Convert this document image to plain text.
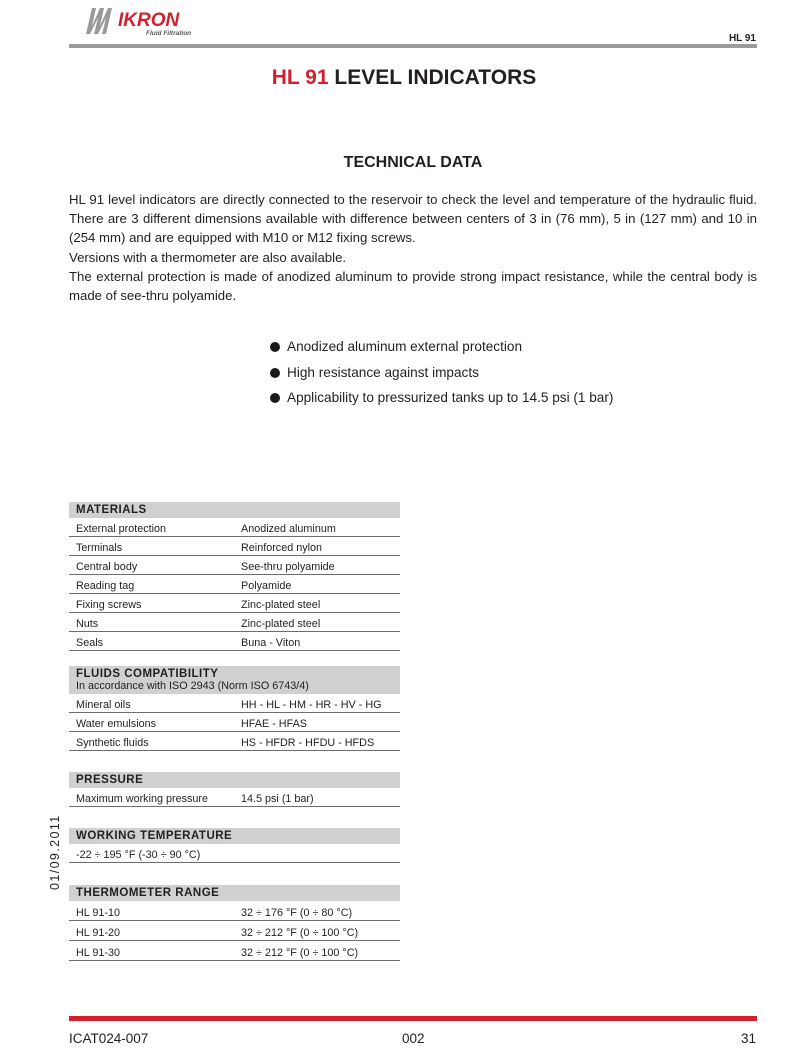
IKRON
Fluid Filtration	HL 91
HL 91 LEVEL INDICATORS
TECHNICAL DATA

HL 91 level indicators are directly connected to the reservoir to check the level and temperature of the hydraulic fluid. There are 3 different dimensions available with difference between centers of 3 in (76 mm), 5 in (127 mm) and 10 in (254 mm) and are equipped with M10 or M12 fixing screws.

Versions with a thermometer are also available.

The external protection is made of anodized aluminum to provide strong impact resistance, while the central body is made of see-thru polyamide.

Anodized aluminum external protection
High resistance against impacts
Applicability to pressurized tanks up to 14.5 psi (1 bar)
MATERIALS
External protection	Anodized aluminum
Terminals	Reinforced nylon
Central body	See-thru polyamide
Reading tag	Polyamide
Fixing screws	Zinc-plated steel
Nuts	Zinc-plated steel
Seals	Buna - Viton
FLUIDS COMPATIBILITY
In accordance with ISO 2943 (Norm ISO 6743/4)
Mineral oils	HH - HL - HM - HR - HV - HG
Water emulsions	HFAE - HFAS
Synthetic fluids	HS - HFDR - HFDU - HFDS
PRESSURE
Maximum working pressure	14.5 psi (1 bar)
WORKING TEMPERATURE
-22 ÷ 195 °F (-30 ÷ 90 °C)
THERMOMETER RANGE
HL 91-10	32 ÷ 176 °F (0 ÷ 80 °C)
HL 91-20	32 ÷ 212 °F (0 ÷ 100 °C)
HL 91-30	32 ÷ 212 °F (0 ÷ 100 °C)
01/09.2011
ICAT024-007	002	31
